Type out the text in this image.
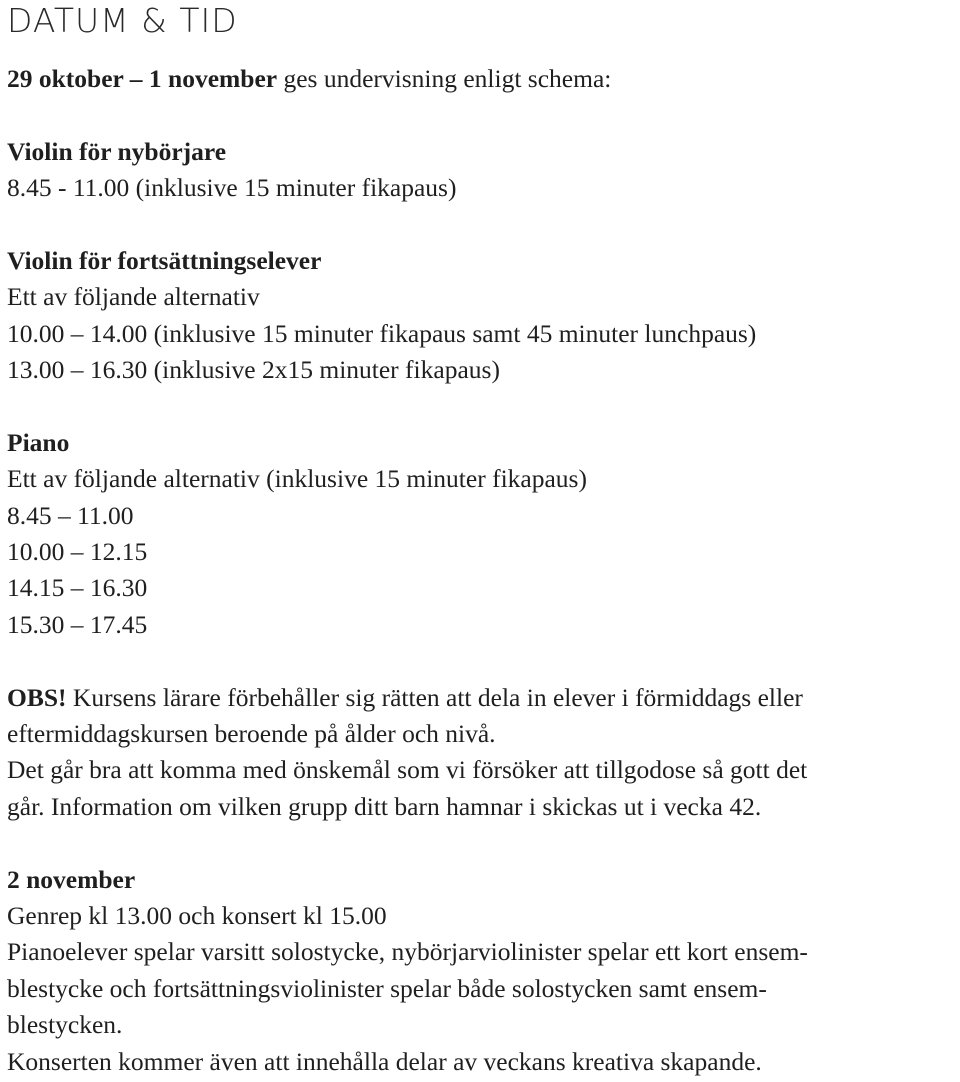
DATUM & TID
29 oktober – 1 november ges undervisning enligt schema:
Violin för nybörjare
8.45 - 11.00 (inklusive 15 minuter fikapaus)
Violin för fortsättningselever
Ett av följande alternativ
10.00 – 14.00 (inklusive 15 minuter fikapaus samt 45 minuter lunchpaus)
13.00 – 16.30 (inklusive 2x15 minuter fikapaus)
Piano
Ett av följande alternativ (inklusive 15 minuter fikapaus)
8.45 – 11.00
10.00 – 12.15
14.15 – 16.30
15.30 – 17.45
OBS! Kursens lärare förbehåller sig rätten att dela in elever i förmiddags eller
eftermiddagskursen beroende på ålder och nivå.
Det går bra att komma med önskemål som vi försöker att tillgodose så gott det
går. Information om vilken grupp ditt barn hamnar i skickas ut i vecka 42.
2 november
Genrep kl 13.00 och konsert kl 15.00
Pianoelever spelar varsitt solostycke, nybörjarviolinister spelar ett kort ensem-
blestycke och fortsättningsviolinister spelar både solostycken samt ensem-
blestycken.
Konserten kommer även att innehålla delar av veckans kreativa skapande.
